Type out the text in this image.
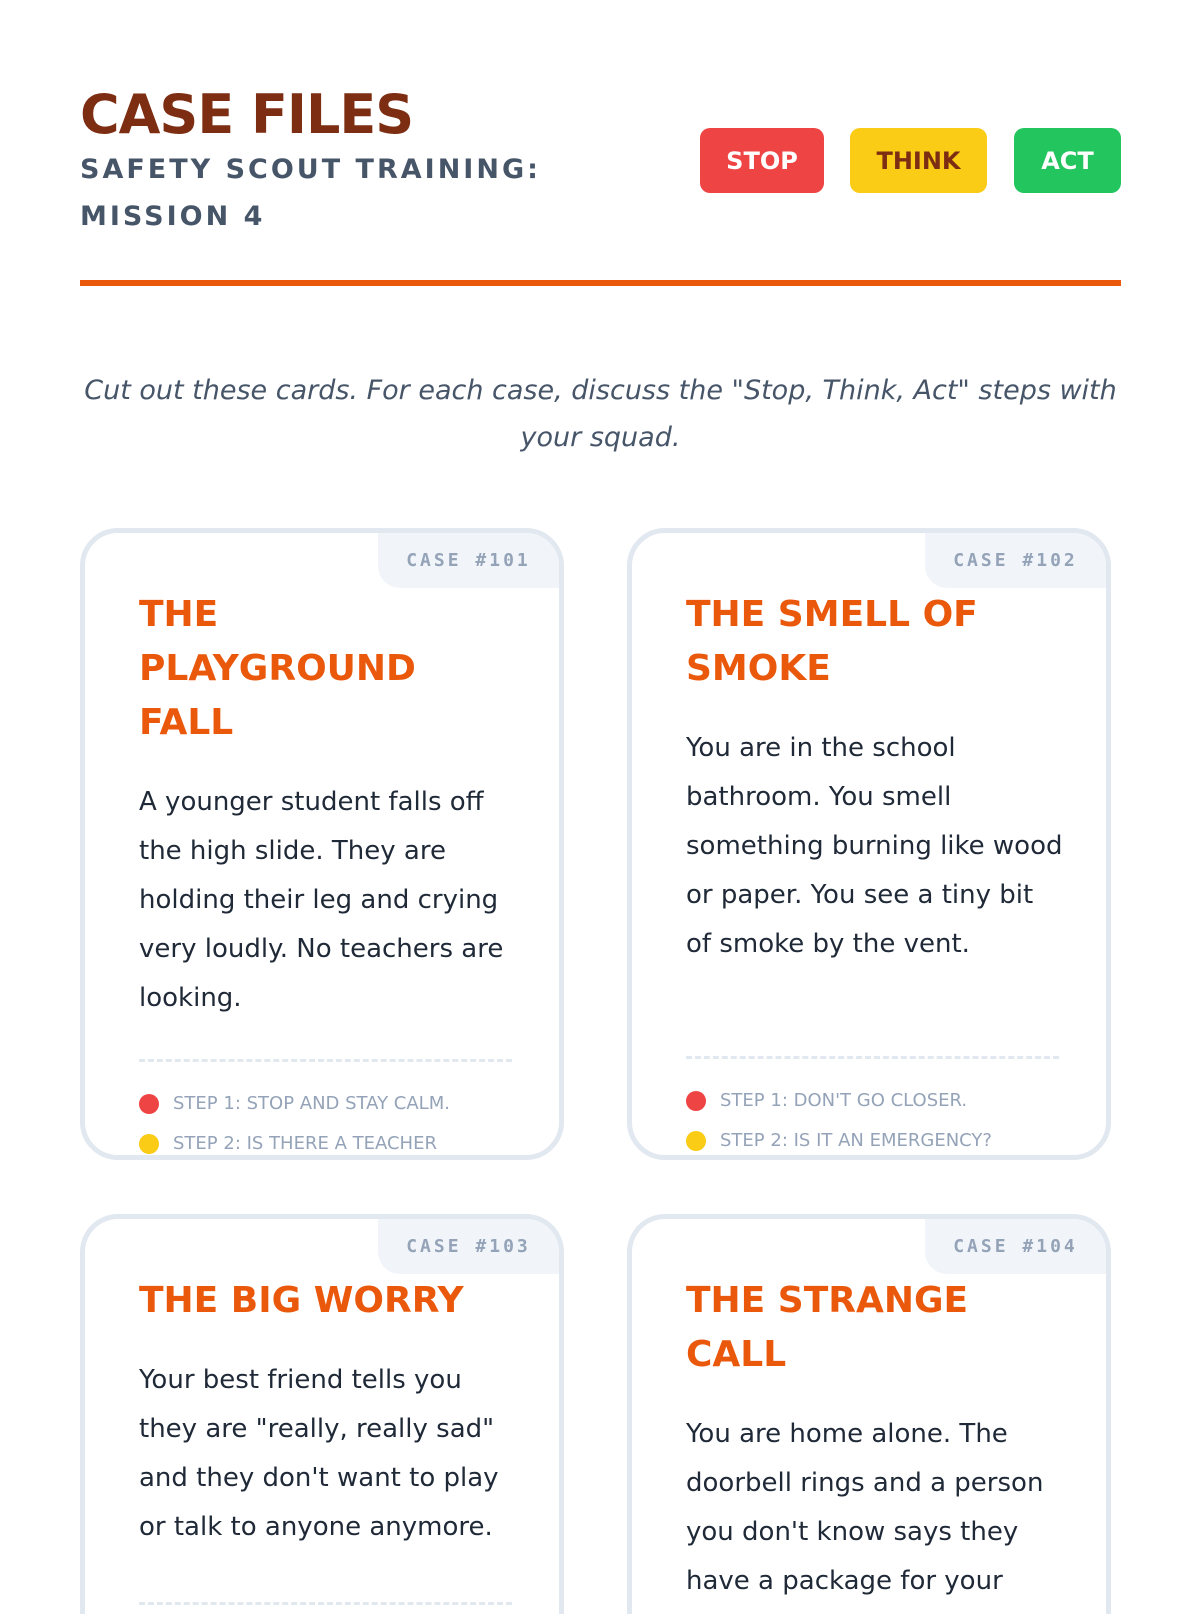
CASE FILES

SAFETY SCOUT TRAINING: MISSION 4

STOP	THINK	ACT

Cut out these cards. For each case, discuss the "Stop, Think, Act" steps with your squad.

CASE #101
THE PLAYGROUND FALL

A younger student falls off the high slide. They are holding their leg and crying very loudly. No teachers are looking.

STEP 1: STOP AND STAY CALM.
STEP 2: IS THERE A TEACHER
CASE #102
THE SMELL OF SMOKE

You are in the school bathroom. You smell something burning like wood or paper. You see a tiny bit of smoke by the vent.

STEP 1: DON'T GO CLOSER.
STEP 2: IS IT AN EMERGENCY?
CASE #103
THE BIG WORRY

Your best friend tells you they are "really, really sad" and they don't want to play or talk to anyone anymore.

CASE #104
THE STRANGE CALL

You are home alone. The doorbell rings and a person you don't know says they have a package for your
